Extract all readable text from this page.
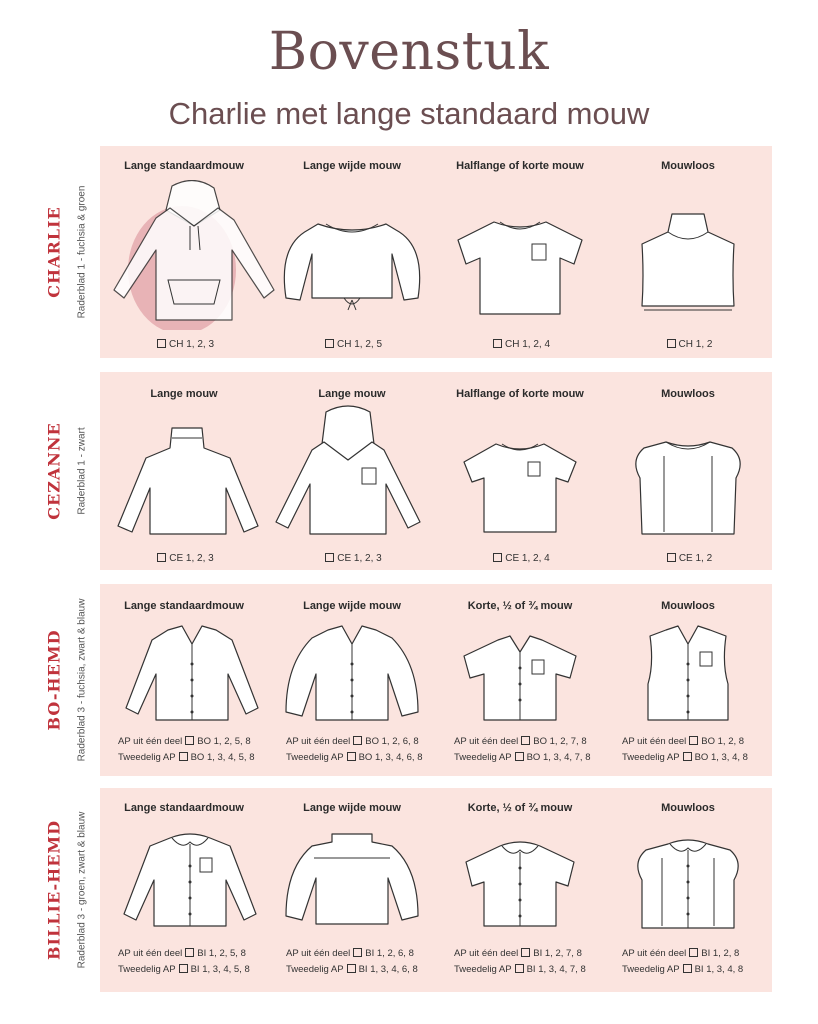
Bovenstuk
Charlie met lange standaard mouw
CHARLIE Raderblad 1 - fuchsia & groen
Lange standaardmouw
CH 1, 2, 3
Lange wijde mouw
CH 1, 2, 5
Halflange of korte mouw
CH 1, 2, 4
Mouwloos
CH 1, 2
CEZANNE Raderblad 1 - zwart
Lange mouw
CE 1, 2, 3
Lange mouw
CE 1, 2, 3
Halflange of korte mouw
CE 1, 2, 4
Mouwloos
CE 1, 2
BO-HEMD Raderblad 3 - fuchsia, zwart & blauw	Lange standaardmouw
AP uit één deel BO 1, 2, 5, 8
Tweedelig AP BO 1, 3, 4, 5, 8
Lange wijde mouw
AP uit één deel BO 1, 2, 6, 8
Tweedelig AP BO 1, 3, 4, 6, 8
Korte, ½ of ¾ mouw
AP uit één deel BO 1, 2, 7, 8
Tweedelig AP BO 1, 3, 4, 7, 8
Mouwloos
AP uit één deel BO 1, 2, 8
Tweedelig AP BO 1, 3, 4, 8
BILLIE-HEMD Raderblad 3 - groen, zwart & blauw
Lange standaardmouw
AP uit één deel BI 1, 2, 5, 8
Tweedelig AP BI 1, 3, 4, 5, 8
Lange wijde mouw
AP uit één deel BI 1, 2, 6, 8
Tweedelig AP BI 1, 3, 4, 6, 8
Korte, ½ of ¾ mouw
AP uit één deel BI 1, 2, 7, 8
Tweedelig AP BI 1, 3, 4, 7, 8
Mouwloos
AP uit één deel BI 1, 2, 8
Tweedelig AP BI 1, 3, 4, 8
